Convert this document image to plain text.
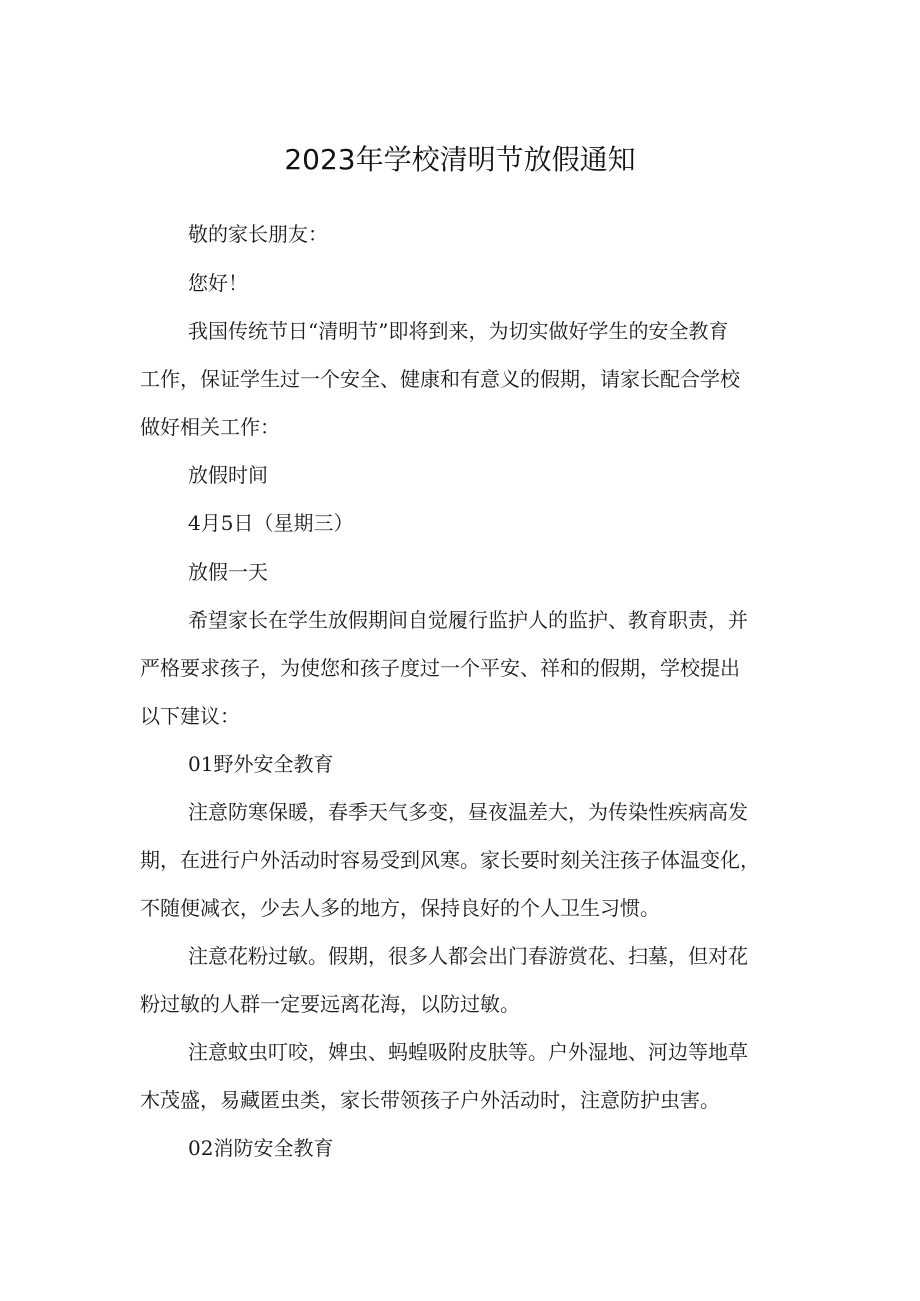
2023年学校清明节放假通知
敬的家长朋友：
您好！
我国传统节日“清明节”即将到来，为切实做好学生的安全教育
工作，保证学生过一个安全、健康和有意义的假期，请家长配合学校
做好相关工作：
放假时间
4月5日（星期三）
放假一天
希望家长在学生放假期间自觉履行监护人的监护、教育职责，并
严格要求孩子，为使您和孩子度过一个平安、祥和的假期，学校提出
以下建议：
01野外安全教育
注意防寒保暖，春季天气多变，昼夜温差大，为传染性疾病高发
期，在进行户外活动时容易受到风寒。家长要时刻关注孩子体温变化，
不随便减衣，少去人多的地方，保持良好的个人卫生习惯。
注意花粉过敏。假期，很多人都会出门春游赏花、扫墓，但对花
粉过敏的人群一定要远离花海，以防过敏。
注意蚊虫叮咬，婢虫、蚂蝗吸附皮肤等。户外湿地、河边等地草
木茂盛，易藏匿虫类，家长带领孩子户外活动时，注意防护虫害。
02消防安全教育
